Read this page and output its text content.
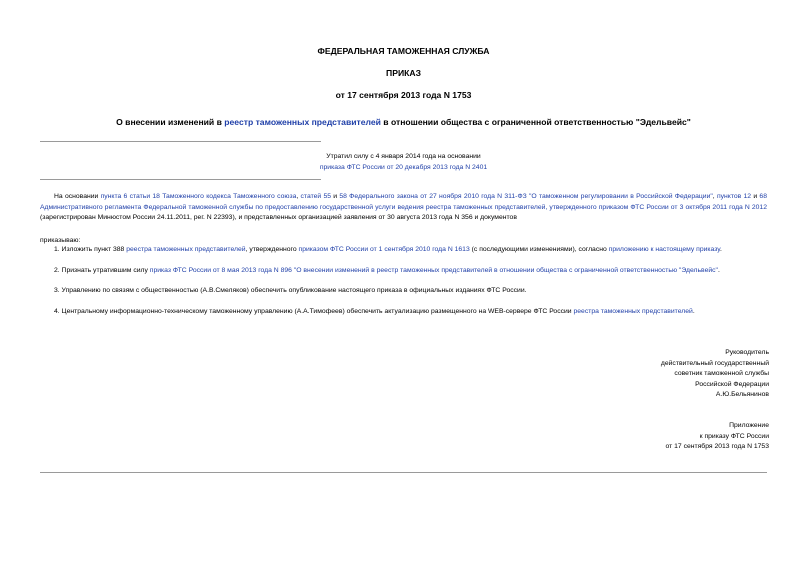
ФЕДЕРАЛЬНАЯ ТАМОЖЕННАЯ СЛУЖБА
ПРИКАЗ
от 17 сентября 2013 года N 1753
О внесении изменений в реестр таможенных представителей в отношении общества с ограниченной ответственностью "Эдельвейс"
Утратил силу с 4 января 2014 года на основании
приказа ФТС России от 20 декабря 2013 года N 2401
На основании пункта 6 статьи 18 Таможенного кодекса Таможенного союза, статей 55 и 58 Федерального закона от 27 ноября 2010 года N 311-ФЗ "О таможенном регулировании в Российской Федерации", пунктов 12 и 68 Административного регламента Федеральной таможенной службы по предоставлению государственной услуги ведения реестра таможенных представителей, утвержденного приказом ФТС России от 3 октября 2011 года N 2012 (зарегистрирован Минюстом России 24.11.2011, рег. N 22393), и представленных организацией заявления от 30 августа 2013 года N 356 и документов
приказываю:
1. Изложить пункт 388 реестра таможенных представителей, утвержденного приказом ФТС России от 1 сентября 2010 года N 1613 (с последующими изменениями), согласно приложению к настоящему приказу.
2. Признать утратившим силу приказ ФТС России от 8 мая 2013 года N 896 "О внесении изменений в реестр таможенных представителей в отношении общества с ограниченной ответственностью "Эдельвейс".
3. Управлению по связям с общественностью (А.В.Смеляков) обеспечить опубликование настоящего приказа в официальных изданиях ФТС России.
4. Центральному информационно-техническому таможенному управлению (А.А.Тимофеев) обеспечить актуализацию размещенного на WEB-сервере ФТС России реестра таможенных представителей.
Руководитель
действительный государственный
советник таможенной службы
Российской Федерации
А.Ю.Бельянинов
Приложение
к приказу ФТС России
от 17 сентября 2013 года N 1753
